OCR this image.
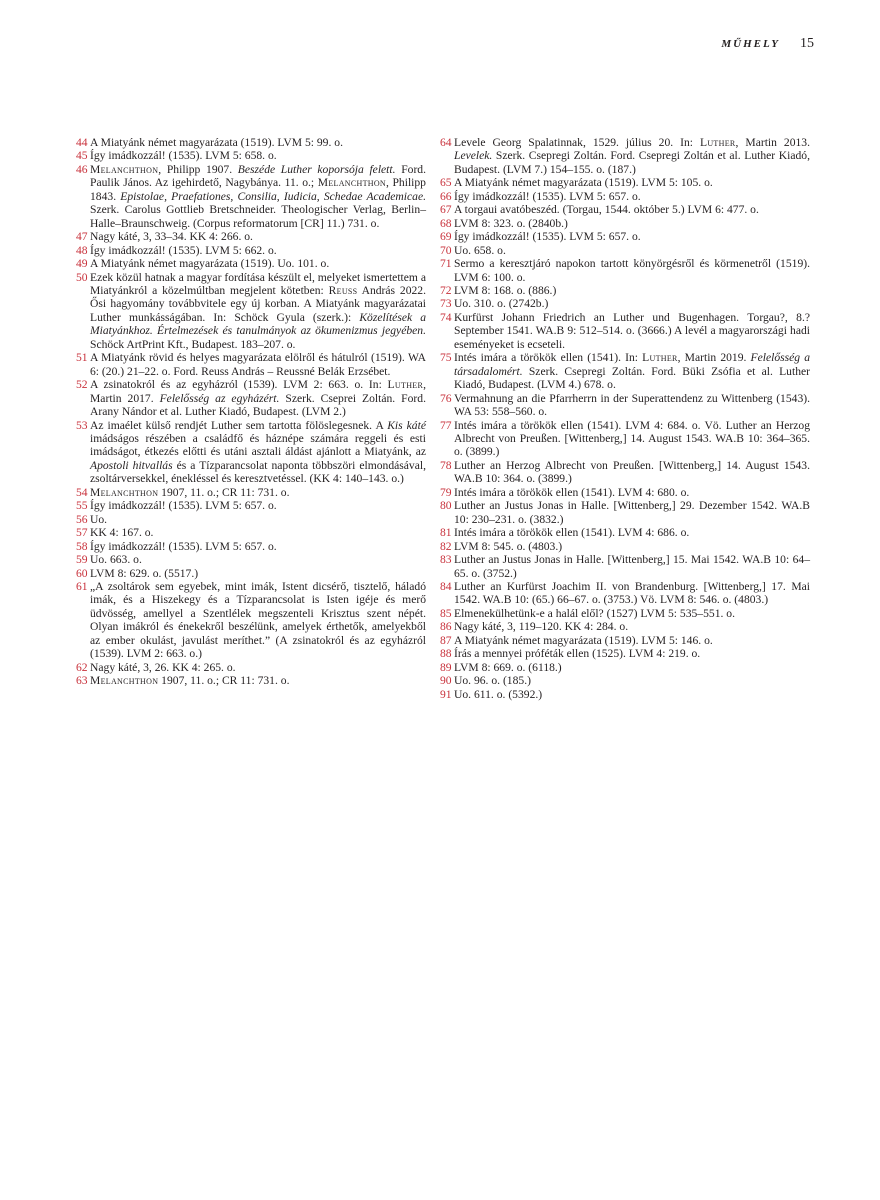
MŰHELY 15
44 A Miatyánk német magyarázata (1519). LVM 5: 99. o.
45 Így imádkozzál! (1535). LVM 5: 658. o.
46 Melanchthon, Philipp 1907. Beszéde Luther koporsója felett. Ford. Paulik János. Az igehirdető, Nagybánya. 11. o.; Melanchthon, Philipp 1843. Epistolae, Praefationes, Consilia, Iudicia, Schedae Academicae. Szerk. Carolus Gottlieb Bretschneider. Theologischer Verlag, Berlin–Halle–Braunschweig. (Corpus reformatorum [CR] 11.) 731. o.
47 Nagy káté, 3, 33–34. KK 4: 266. o.
48 Így imádkozzál! (1535). LVM 5: 662. o.
49 A Miatyánk német magyarázata (1519). Uo. 101. o.
50 Ezek közül hatnak a magyar fordítása készült el, melyeket ismertettem a Miatyánkról a közelmúltban megjelent kötetben: Reuss András 2022. Ősi hagyomány továbbvitele egy új korban. A Miatyánk magyarázatai Luther munkásságában. In: Schöck Gyula (szerk.): Közelítések a Miatyánkhoz. Értelmezések és tanulmányok az ökumenizmus jegyében. Schöck ArtPrint Kft., Budapest. 183–207. o.
51 A Miatyánk rövid és helyes magyarázata elölről és hátulról (1519). WA 6: (20.) 21–22. o. Ford. Reuss András – Reussné Belák Erzsébet.
52 A zsinatokról és az egyházról (1539). LVM 2: 663. o. In: Luther, Martin 2017. Felelősség az egyházért. Szerk. Cseprei Zoltán. Ford. Arany Nándor et al. Luther Kiadó, Budapest. (LVM 2.)
53 Az imaélet külső rendjét Luther sem tartotta fölöslegesnek. A Kis káté imádságos részében a családfő és háznépe számára reggeli és esti imádságot, étkezés előtti és utáni asztali áldást ajánlott a Miatyánk, az Apostoli hitvallás és a Tízparancsolat naponta többszöri elmondásával, zsoltárversekkel, énekléssel és keresztvetéssel. (KK 4: 140–143. o.)
54 Melanchthon 1907, 11. o.; CR 11: 731. o.
55 Így imádkozzál! (1535). LVM 5: 657. o.
56 Uo.
57 KK 4: 167. o.
58 Így imádkozzál! (1535). LVM 5: 657. o.
59 Uo. 663. o.
60 LVM 8: 629. o. (5517.)
61 „A zsoltárok sem egyebek, mint imák, Istent dicsérő, tisztelő, háladó imák, és a Hiszekegy és a Tízparancsolat is Isten igéje és merő üdvösség, amellyel a Szentlélek megszenteli Krisztus szent népét. Olyan imákról és énekekről beszélünk, amelyek érthetők, amelyekből az ember okulást, javulást meríthet.” (A zsinatokról és az egyházról (1539). LVM 2: 663. o.)
62 Nagy káté, 3, 26. KK 4: 265. o.
63 Melanchthon 1907, 11. o.; CR 11: 731. o.
64 Levele Georg Spalatinnak, 1529. július 20. In: Luther, Martin 2013. Levelek. Szerk. Csepregi Zoltán. Ford. Csepregi Zoltán et al. Luther Kiadó, Budapest. (LVM 7.) 154–155. o. (187.)
65 A Miatyánk német magyarázata (1519). LVM 5: 105. o.
66 Így imádkozzál! (1535). LVM 5: 657. o.
67 A torgaui avatóbeszéd. (Torgau, 1544. október 5.) LVM 6: 477. o.
68 LVM 8: 323. o. (2840b.)
69 Így imádkozzál! (1535). LVM 5: 657. o.
70 Uo. 658. o.
71 Sermo a keresztjáró napokon tartott könyörgésről és körmenetről (1519). LVM 6: 100. o.
72 LVM 8: 168. o. (886.)
73 Uo. 310. o. (2742b.)
74 Kurfürst Johann Friedrich an Luther und Bugenhagen. Torgau?, 8.? September 1541. WA.B 9: 512–514. o. (3666.) A levél a magyarországi hadi eseményeket is ecseteli.
75 Intés imára a törökök ellen (1541). In: Luther, Martin 2019. Felelősség a társadalomért. Szerk. Csepregi Zoltán. Ford. Büki Zsófia et al. Luther Kiadó, Budapest. (LVM 4.) 678. o.
76 Vermahnung an die Pfarrherrn in der Superattendenz zu Wittenberg (1543). WA 53: 558–560. o.
77 Intés imára a törökök ellen (1541). LVM 4: 684. o. Vö. Luther an Herzog Albrecht von Preußen. [Wittenberg,] 14. August 1543. WA.B 10: 364–365. o. (3899.)
78 Luther an Herzog Albrecht von Preußen. [Wittenberg,] 14. August 1543. WA.B 10: 364. o. (3899.)
79 Intés imára a törökök ellen (1541). LVM 4: 680. o.
80 Luther an Justus Jonas in Halle. [Wittenberg,] 29. Dezember 1542. WA.B 10: 230–231. o. (3832.)
81 Intés imára a törökök ellen (1541). LVM 4: 686. o.
82 LVM 8: 545. o. (4803.)
83 Luther an Justus Jonas in Halle. [Wittenberg,] 15. Mai 1542. WA.B 10: 64–65. o. (3752.)
84 Luther an Kurfürst Joachim II. von Brandenburg. [Wittenberg,] 17. Mai 1542. WA.B 10: (65.) 66–67. o. (3753.) Vö. LVM 8: 546. o. (4803.)
85 Elmenekülhetünk-e a halál elől? (1527) LVM 5: 535–551. o.
86 Nagy káté, 3, 119–120. KK 4: 284. o.
87 A Miatyánk német magyarázata (1519). LVM 5: 146. o.
88 Írás a mennyei próféták ellen (1525). LVM 4: 219. o.
89 LVM 8: 669. o. (6118.)
90 Uo. 96. o. (185.)
91 Uo. 611. o. (5392.)
